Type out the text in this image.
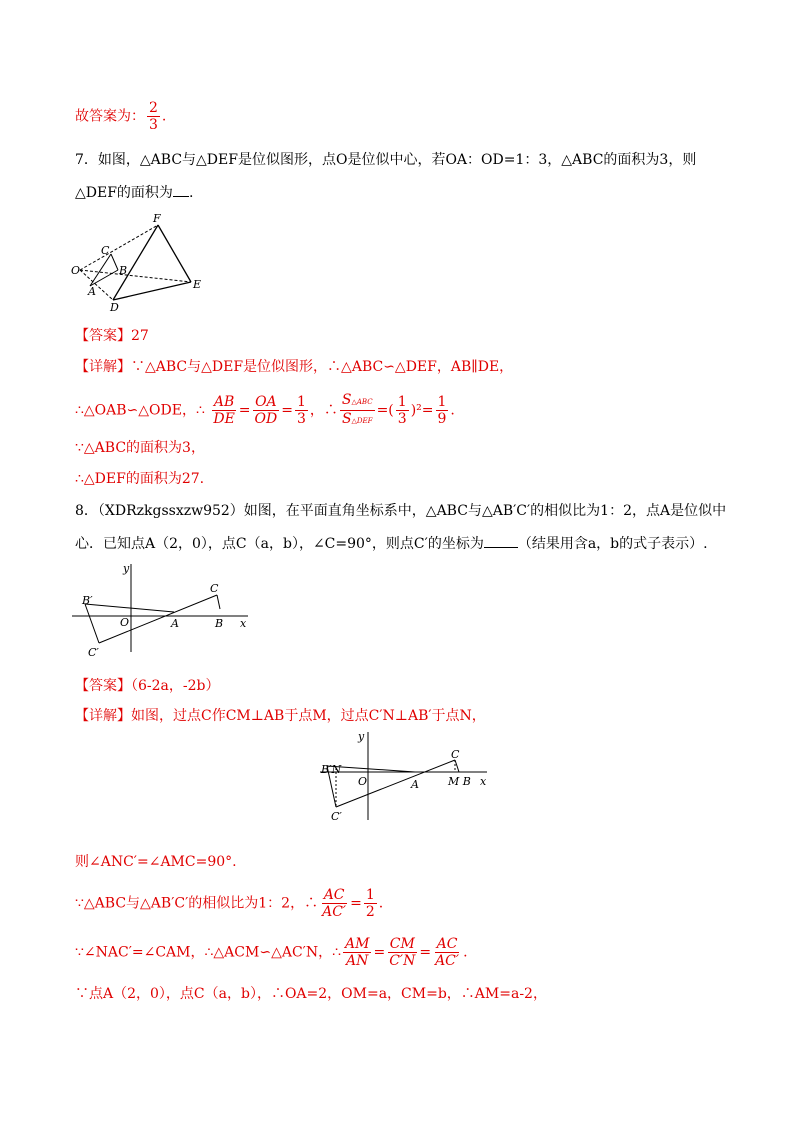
故答案为： $\frac{2}{3}$ .
7．如图，△ABC与△DEF是位似图形，点O是位似中心，若OA：OD=1：3，△ABC的面积为3，则
△DEF的面积为 .
O
A
B
C
D
E
F
【答案】27
【详解】∵△ABC与△DEF是位似图形，∴△ABC∽△DEF，AB∥DE，
∴△OAB∽△ODE，∴ $\frac{AB}{DE} = \frac{OA}{OD} = \frac{1}{3}$ ，∴ $\frac{\text{S△ABC}}{\text{S△DEF}}$ =( $\frac{1}{3} )^2= \frac{1}{9}$ .
∵△ABC的面积为3，
∴△DEF的面积为27.
8．（XDRzkgssxzw952）如图，在平面直角坐标系中，△ABC与△AB′C′的相似比为1：2，点A是位似中
心．已知点A（2，0），点C（a，b），∠C=90°，则点C′的坐标为 （结果用含a，b的式子表示）.
y
x
O	A	B
C
B′
C′
【答案】（6-2a，-2b）
【详解】如图，过点C作CM⊥AB于点M，过点C′N⊥AB′于点N，
y
x
O	A	M B
C
B′N
C′
则∠ANC′=∠AMC=90°.
∵△ABC与△AB′C′的相似比为1：2，∴ $\frac{AC}{AC'} = \frac{1}{2}$ .
∵∠NAC′=∠CAM，∴△ACM∽△AC′N，∴ $\frac{AM}{AN} = \frac{CM}{C'N} = \frac{AC}{AC'}$ .
∵点A（2，0），点C（a，b），∴OA=2，OM=a，CM=b，∴AM=a-2，
